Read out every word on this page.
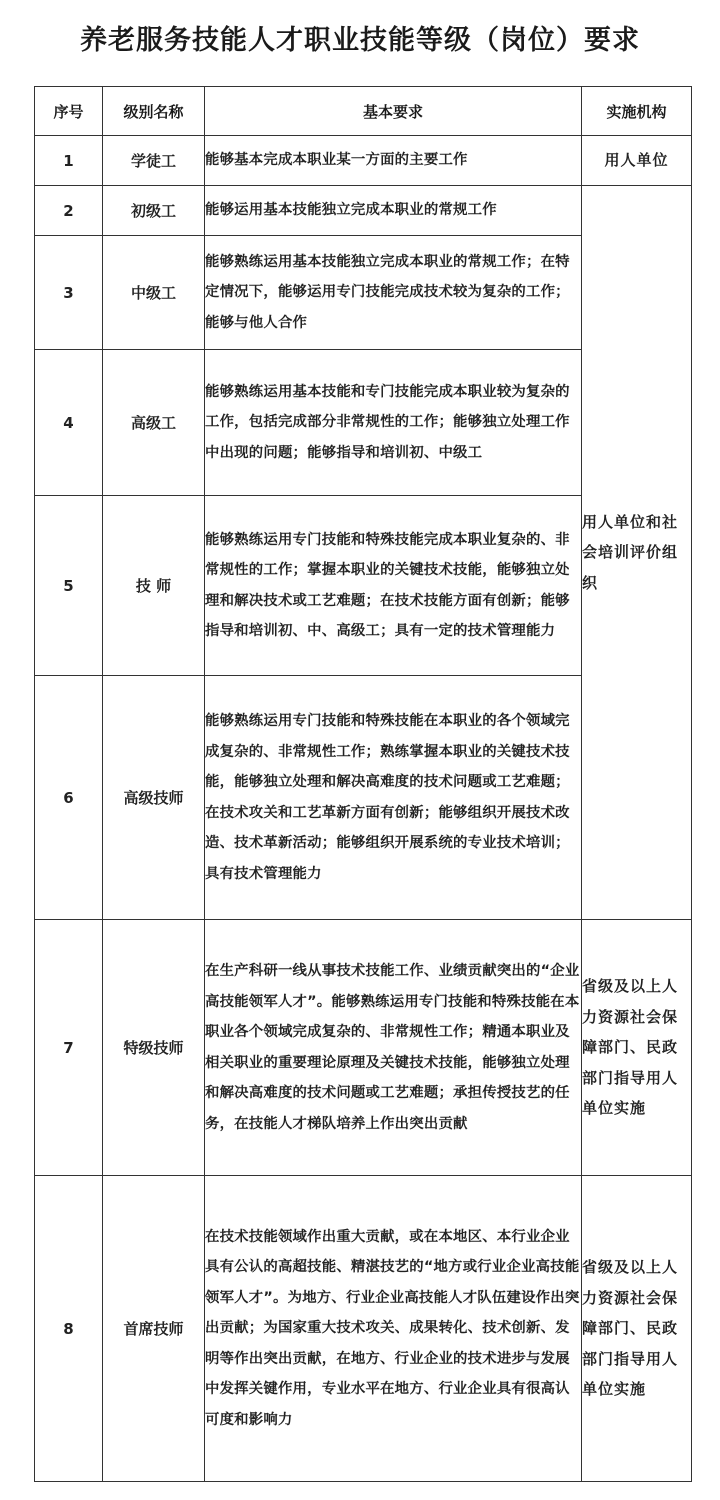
养老服务技能人才职业技能等级（岗位）要求
序号	级别名称	基本要求	实施机构
1	学徒工	能够基本完成本职业某一方面的主要工作	用人单位
2	初级工	能够运用基本技能独立完成本职业的常规工作	用人单位和社会培训评价组织
3	中级工	能够熟练运用基本技能独立完成本职业的常规工作；在特定情况下，能够运用专门技能完成技术较为复杂的工作；能够与他人合作	
4	高级工	能够熟练运用基本技能和专门技能完成本职业较为复杂的工作，包括完成部分非常规性的工作；能够独立处理工作中出现的问题；能够指导和培训初、中级工	
5	技 师	能够熟练运用专门技能和特殊技能完成本职业复杂的、非常规性的工作；掌握本职业的关键技术技能，能够独立处理和解决技术或工艺难题；在技术技能方面有创新；能够指导和培训初、中、高级工；具有一定的技术管理能力	
6	高级技师	能够熟练运用专门技能和特殊技能在本职业的各个领域完成复杂的、非常规性工作；熟练掌握本职业的关键技术技能，能够独立处理和解决高难度的技术问题或工艺难题；在技术攻关和工艺革新方面有创新；能够组织开展技术改造、技术革新活动；能够组织开展系统的专业技术培训；具有技术管理能力	
7	特级技师	在生产科研一线从事技术技能工作、业绩贡献突出的“企业高技能领军人才”。能够熟练运用专门技能和特殊技能在本职业各个领域完成复杂的、非常规性工作；精通本职业及相关职业的重要理论原理及关键技术技能，能够独立处理和解决高难度的技术问题或工艺难题；承担传授技艺的任务，在技能人才梯队培养上作出突出贡献	省级及以上人力资源社会保障部门、民政部门指导用人单位实施
8	首席技师	在技术技能领域作出重大贡献，或在本地区、本行业企业具有公认的高超技能、精湛技艺的“地方或行业企业高技能领军人才”。为地方、行业企业高技能人才队伍建设作出突出贡献；为国家重大技术攻关、成果转化、技术创新、发明等作出突出贡献，在地方、行业企业的技术进步与发展中发挥关键作用，专业水平在地方、行业企业具有很高认可度和影响力	省级及以上人力资源社会保障部门、民政部门指导用人单位实施
